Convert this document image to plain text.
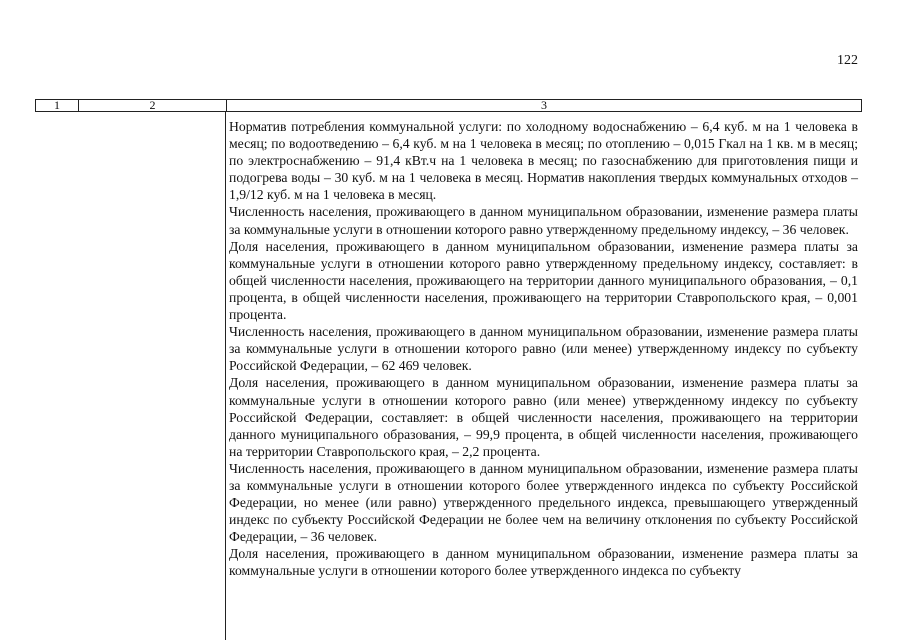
122
1	2	3

Норматив потребления коммунальной услуги: по холодному водоснабжению – 6,4 куб. м на 1 человека в месяц; по водоотведению – 6,4 куб. м на 1 человека в месяц; по отоплению – 0,015 Гкал на 1 кв. м в месяц; по электроснабжению – 91,4 кВт.ч на 1 человека в месяц; по газоснабжению для приготовления пищи и подогрева воды – 30 куб. м на 1 человека в месяц. Норматив накопления твердых коммунальных отходов – 1,9/12 куб. м на 1 человека в месяц.

Численность населения, проживающего в данном муниципальном образовании, изменение размера платы за коммунальные услуги в отношении которого равно утвержденному предельному индексу, – 36 человек.

Доля населения, проживающего в данном муниципальном образовании, изменение размера платы за коммунальные услуги в отношении которого равно утвержденному предельному индексу, составляет: в общей численности населения, проживающего на территории данного муниципального образования, – 0,1 процента, в общей численности населения, проживающего на территории Ставропольского края, – 0,001 процента.

Численность населения, проживающего в данном муниципальном образовании, изменение размера платы за коммунальные услуги в отношении которого равно (или менее) утвержденному индексу по субъекту Российской Федерации, – 62 469 человек.

Доля населения, проживающего в данном муниципальном образовании, изменение размера платы за коммунальные услуги в отношении которого равно (или менее) утвержденному индексу по субъекту Российской Федерации, составляет: в общей численности населения, проживающего на территории данного муниципального образования, – 99,9 процента, в общей численности населения, проживающего на территории Ставропольского края, – 2,2 процента.

Численность населения, проживающего в данном муниципальном образовании, изменение размера платы за коммунальные услуги в отношении которого более утвержденного индекса по субъекту Российской Федерации, но менее (или равно) утвержденного предельного индекса, превышающего утвержденный индекс по субъекту Российской Федерации не более чем на величину отклонения по субъекту Российской Федерации, – 36 человек.

Доля населения, проживающего в данном муниципальном образовании, изменение размера платы за коммунальные услуги в отношении которого более утвержденного индекса по субъекту
